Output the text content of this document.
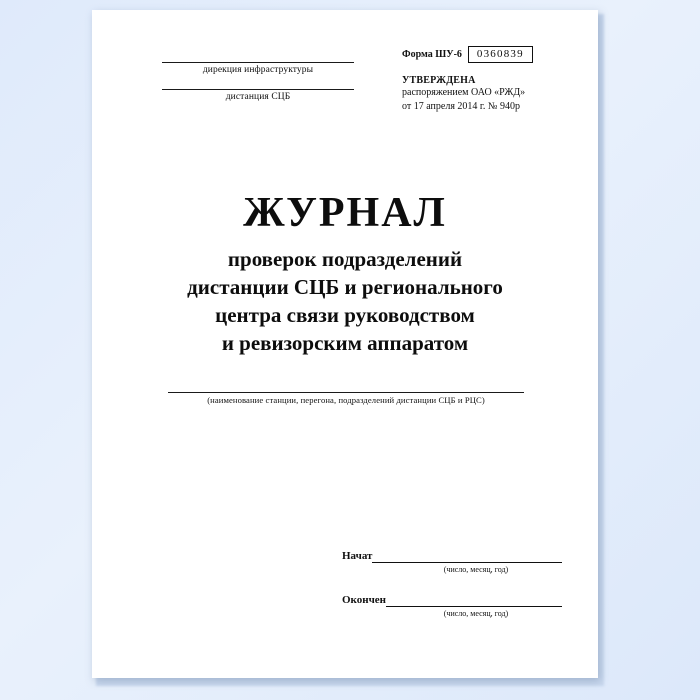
дирекция инфраструктуры
дистанция СЦБ
Форма ШУ-6	0360839
УТВЕРЖДЕНА
распоряжением ОАО «РЖД»
от 17 апреля 2014 г. № 940р
ЖУРНАЛ
проверок подразделений
дистанции СЦБ и регионального
центра связи руководством
и ревизорским аппаратом
(наименование станции, перегона, подразделений дистанции СЦБ и РЦС)
Начат
(число, месяц, год)
Окончен
(число, месяц, год)
